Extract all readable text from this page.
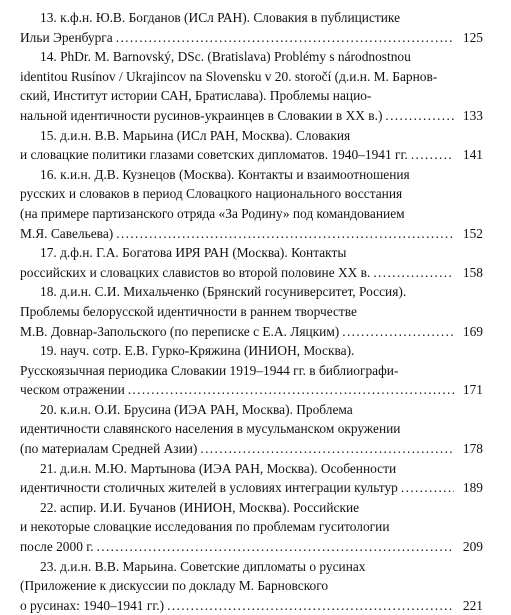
13. к.ф.н. Ю.В. Богданов (ИСл РАН). Словакия в публицистике
Ильи Эренбурга . . .	125
14. PhDr. M. Barnovský, DSc. (Bratislava) Problémy s národnostnou
identitou Rusínov / Ukrajincov na Slovensku v 20. storočí (д.и.н. М. Барнов-
ский, Институт истории САН, Братислава). Проблемы нацио-
нальной идентичности русинов-украинцев в Словакии в XX в.) . . .	133
15. д.и.н. В.В. Марьина (ИСл РАН, Москва). Словакия
и словацкие политики глазами советских дипломатов. 1940–1941 гг. . . .	141
16. к.и.н. Д.В. Кузнецов (Москва). Контакты и взаимоотношения
русских и словаков в период Словацкого национального восстания
(на примере партизанского отряда «За Родину» под командованием
М.Я. Савельева) . . .	152
17. д.ф.н. Г.А. Богатова ИРЯ РАН (Москва). Контакты
российских и словацких славистов во второй половине XX в. . . .	158
18. д.и.н. С.И. Михальченко (Брянский госуниверситет, Россия).
Проблемы белорусской идентичности в раннем творчестве
М.В. Довнар-Запольского (по переписке с Е.А. Ляцким) . . .	169
19. науч. сотр. Е.В. Гурко-Кряжина (ИНИОН, Москва).
Русскоязычная периодика Словакии 1919–1944 гг. в библиографи-
ческом отражении . . .	171
20. к.и.н. О.И. Брусина (ИЭА РАН, Москва). Проблема
идентичности славянского населения в мусульманском окружении
(по материалам Средней Азии) . . .	178
21. д.и.н. М.Ю. Мартынова (ИЭА РАН, Москва). Особенности
идентичности столичных жителей в условиях интеграции культур . . .	189
22. аспир. И.И. Бучанов (ИНИОН, Москва). Российские
и некоторые словацкие исследования по проблемам гуситологии
после 2000 г. . . .	209
23. д.и.н. В.В. Марьина. Советские дипломаты о русинах
(Приложение к дискуссии по докладу М. Барновского
о русинах: 1940–1941 гг.) . . .	221
